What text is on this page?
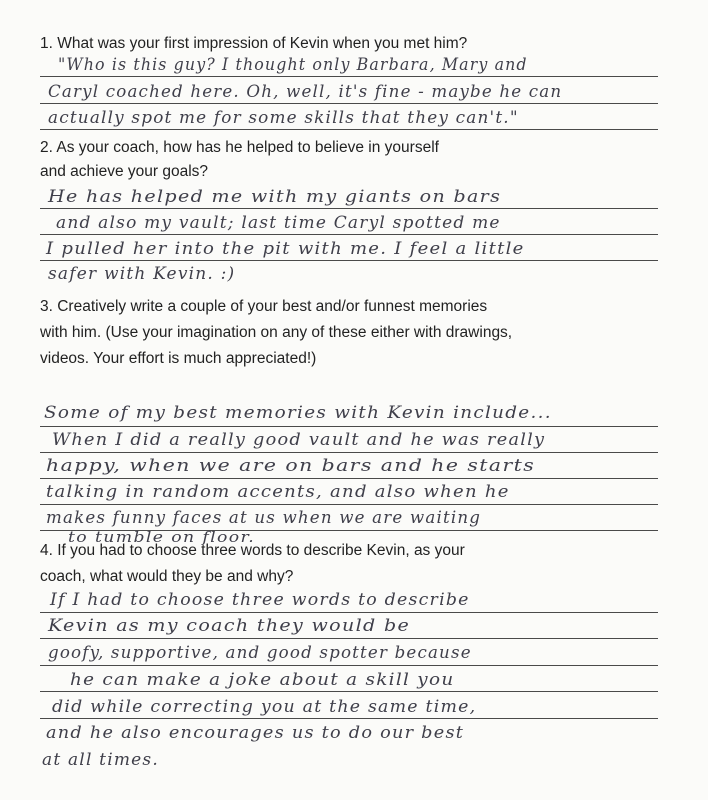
1. What was your first impression of Kevin when you met him?

"Who is this guy? I thought only Barbara, Mary and
Caryl coached here. Oh, well, it's fine - maybe he can
actually spot me for some skills that they can't."

2. As your coach, how has he helped to believe in yourself

and achieve your goals?

He has helped me with my giants on bars
and also my vault; last time Caryl spotted me
I pulled her into the pit with me. I feel a little
safer with Kevin. :)

3. Creatively write a couple of your best and/or funnest memories

with him. (Use your imagination on any of these either with drawings,

videos. Your effort is much appreciated!)

Some of my best memories with Kevin include...
When I did a really good vault and he was really
happy, when we are on bars and he starts
talking in random accents, and also when he
makes funny faces at us when we are waiting
to tumble on floor.

4. If you had to choose three words to describe Kevin, as your

coach, what would they be and why?

If I had to choose three words to describe
Kevin as my coach they would be
goofy, supportive, and good spotter because
he can make a joke about a skill you
did while correcting you at the same time,
and he also encourages us to do our best
at all times.
